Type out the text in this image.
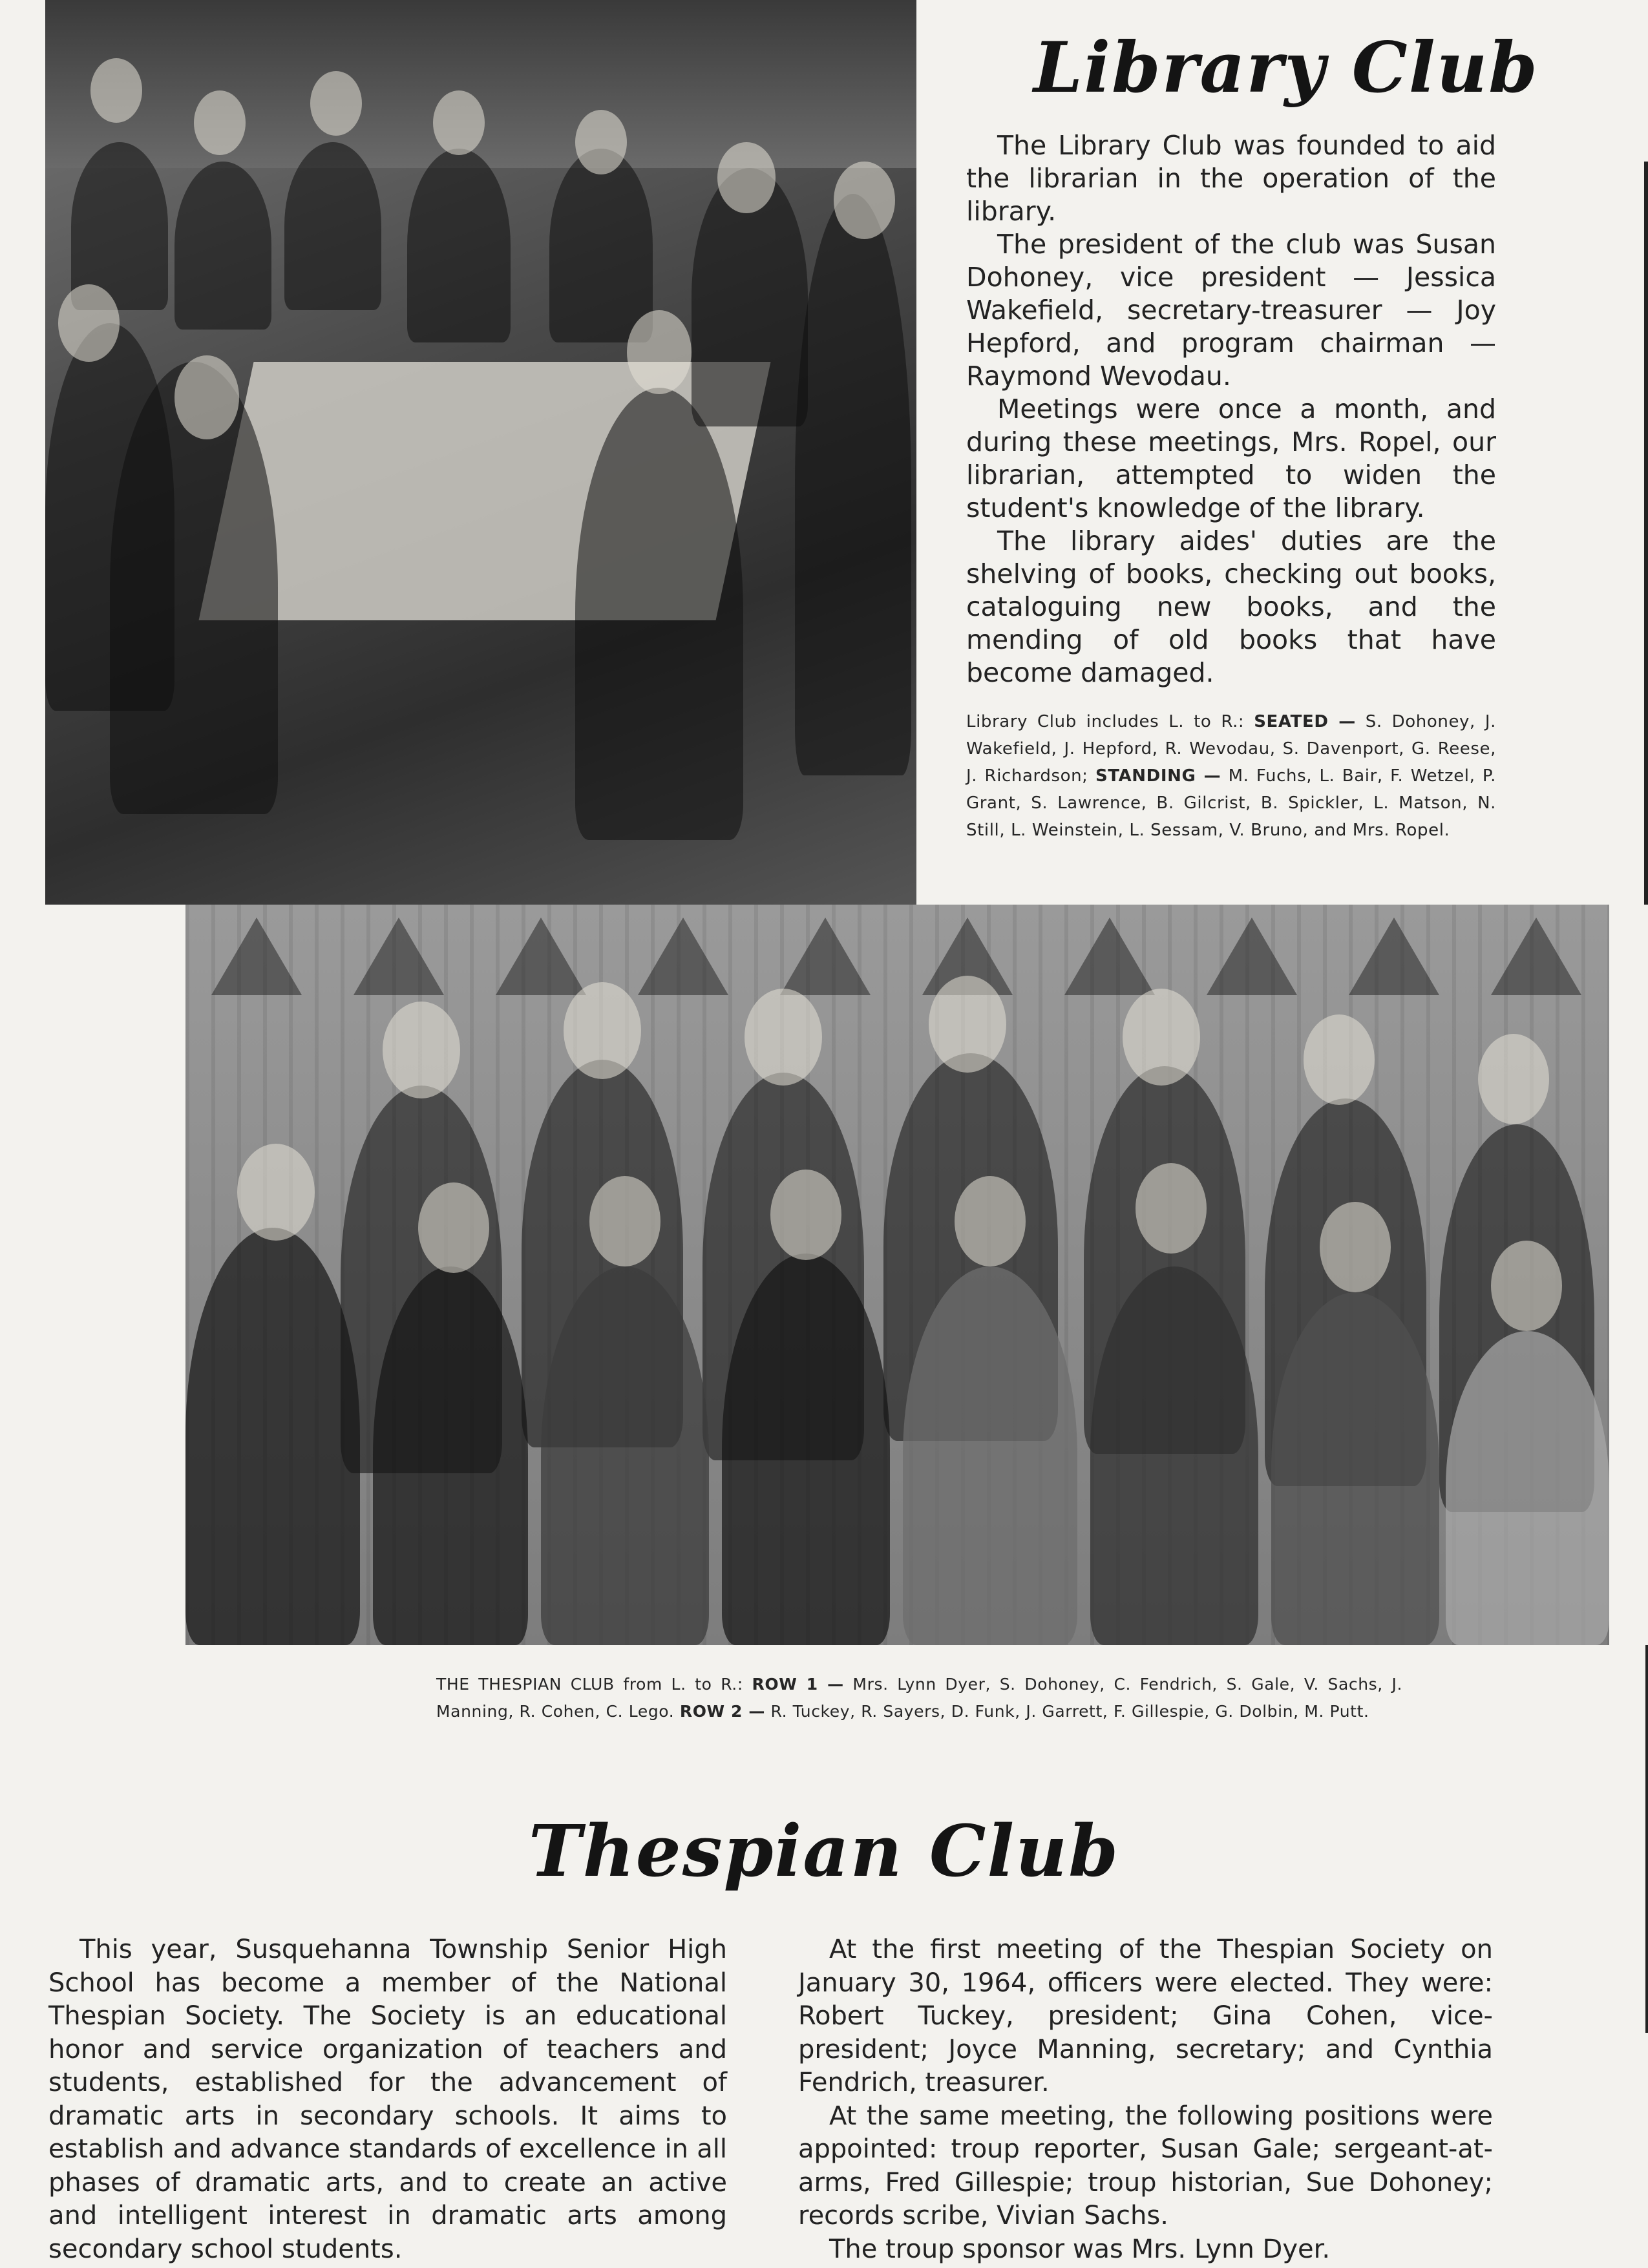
Library Club

The Library Club was founded to aid the librarian in the operation of the library.

The president of the club was Susan Dohoney, vice president — Jessica Wakefield, secretary-treasurer — Joy Hepford, and program chairman — Raymond Wevodau.

Meetings were once a month, and during these meetings, Mrs. Ropel, our librarian, attempted to widen the student's knowledge of the library.

The library aides' duties are the shelving of books, checking out books, cataloguing new books, and the mending of old books that have become damaged.

Library Club includes L. to R.: SEATED — S. Dohoney, J. Wakefield, J. Hepford, R. Wevodau, S. Davenport, G. Reese, J. Richardson; STANDING — M. Fuchs, L. Bair, F. Wetzel, P. Grant, S. Lawrence, B. Gilcrist, B. Spickler, L. Matson, N. Still, L. Weinstein, L. Sessam, V. Bruno, and Mrs. Ropel.
THE THESPIAN CLUB from L. to R.: ROW 1 — Mrs. Lynn Dyer, S. Dohoney, C. Fendrich, S. Gale, V. Sachs, J. Manning, R. Cohen, C. Lego. ROW 2 — R. Tuckey, R. Sayers, D. Funk, J. Garrett, F. Gillespie, G. Dolbin, M. Putt.
Thespian Club

This year, Susquehanna Township Senior High School has become a member of the National Thespian Society. The Society is an educational honor and service organization of teachers and students, established for the advancement of dramatic arts in secondary schools. It aims to establish and advance standards of excellence in all phases of dramatic arts, and to create an active and intelligent interest in dramatic arts among secondary school students.

At the first meeting of the Thespian Society on January 30, 1964, officers were elected. They were: Robert Tuckey, president; Gina Cohen, vice-president; Joyce Manning, secretary; and Cynthia Fendrich, treasurer.

At the same meeting, the following positions were appointed: troup reporter, Susan Gale; sergeant-at-arms, Fred Gillespie; troup historian, Sue Dohoney; records scribe, Vivian Sachs.

The troup sponsor was Mrs. Lynn Dyer.
